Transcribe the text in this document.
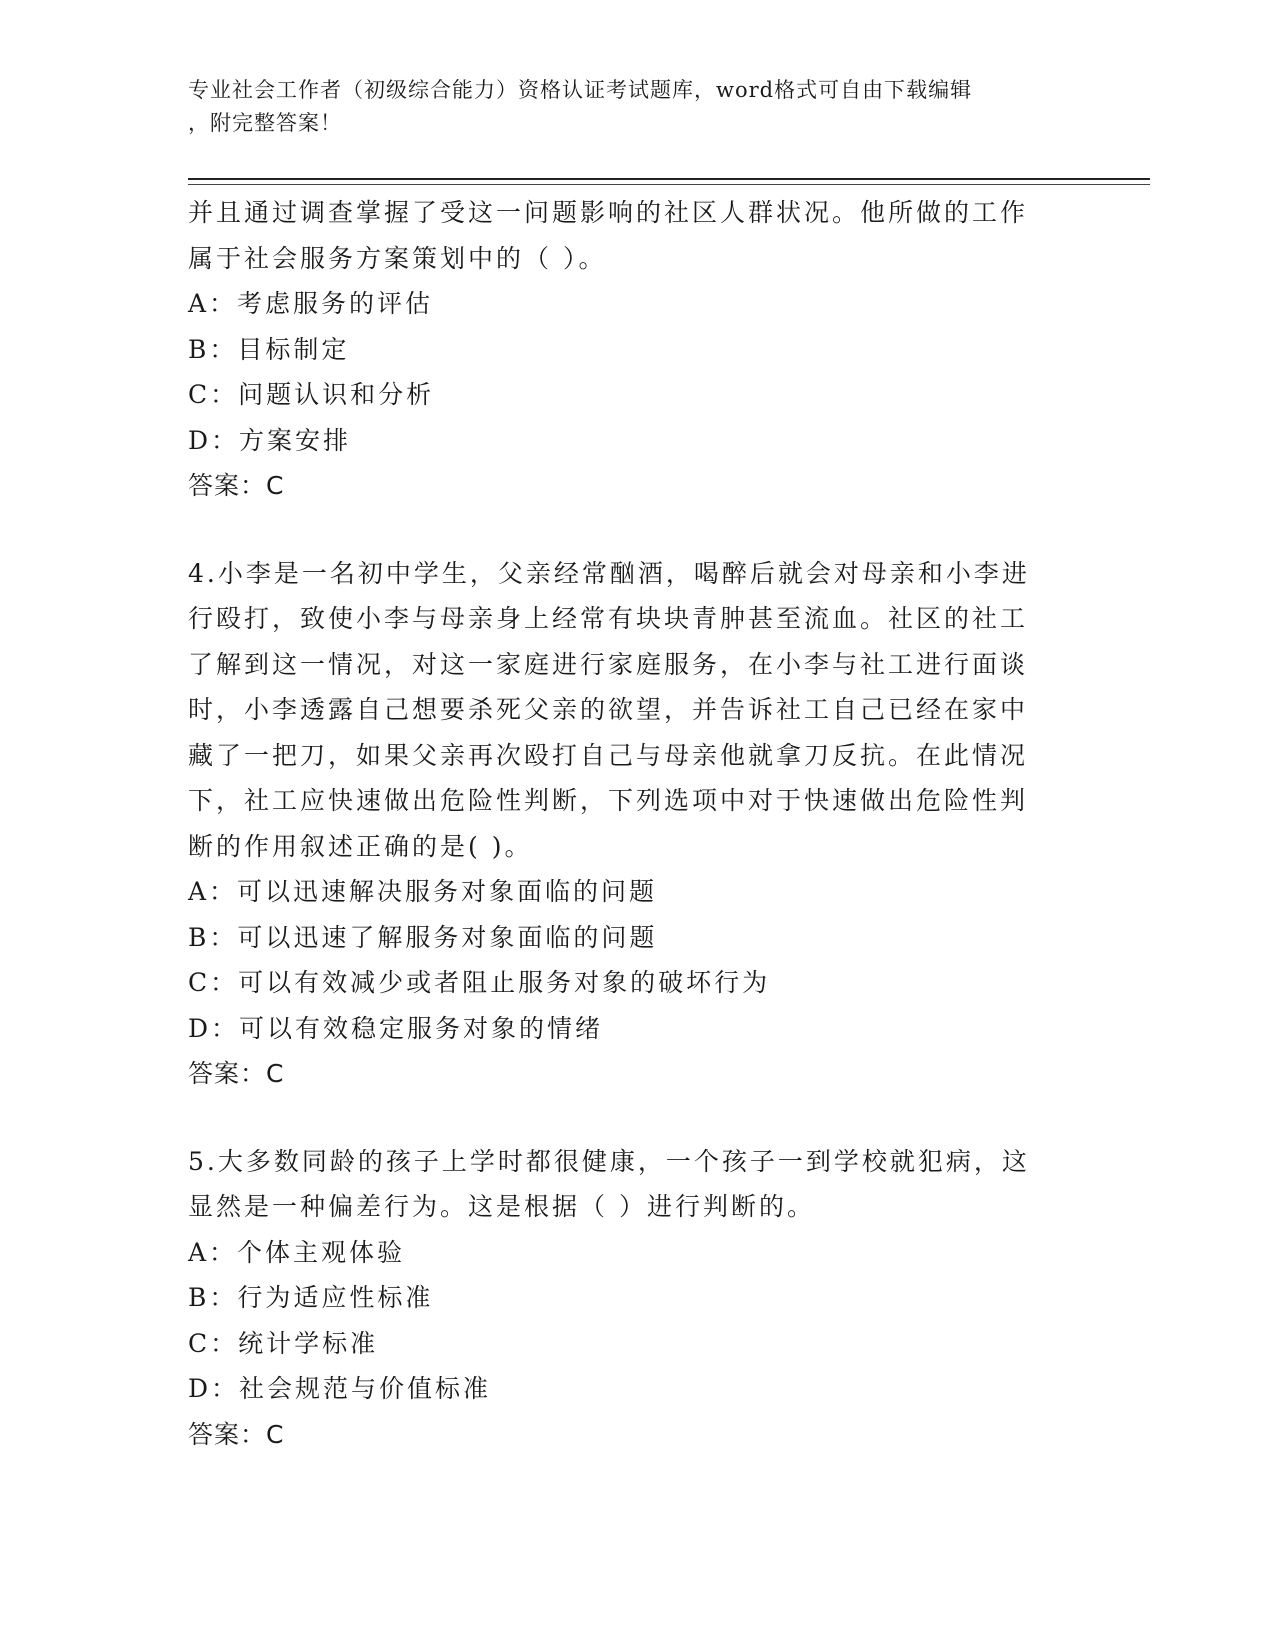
专业社会工作者（初级综合能力）资格认证考试题库，word格式可自由下载编辑
，附完整答案！
并且通过调查掌握了受这一问题影响的社区人群状况。他所做的工作
属于社会服务方案策划中的（ ）。
A：考虑服务的评估
B：目标制定
C：问题认识和分析
D：方案安排
答案：C
4.小李是一名初中学生，父亲经常酗酒，喝醉后就会对母亲和小李进
行殴打，致使小李与母亲身上经常有块块青肿甚至流血。社区的社工
了解到这一情况，对这一家庭进行家庭服务，在小李与社工进行面谈
时，小李透露自己想要杀死父亲的欲望，并告诉社工自己已经在家中
藏了一把刀，如果父亲再次殴打自己与母亲他就拿刀反抗。在此情况
下，社工应快速做出危险性判断，下列选项中对于快速做出危险性判
断的作用叙述正确的是( )。
A：可以迅速解决服务对象面临的问题
B：可以迅速了解服务对象面临的问题
C：可以有效减少或者阻止服务对象的破坏行为
D：可以有效稳定服务对象的情绪
答案：C
5.大多数同龄的孩子上学时都很健康，一个孩子一到学校就犯病，这
显然是一种偏差行为。这是根据（ ）进行判断的。
A：个体主观体验
B：行为适应性标准
C：统计学标准
D：社会规范与价值标准
答案：C
